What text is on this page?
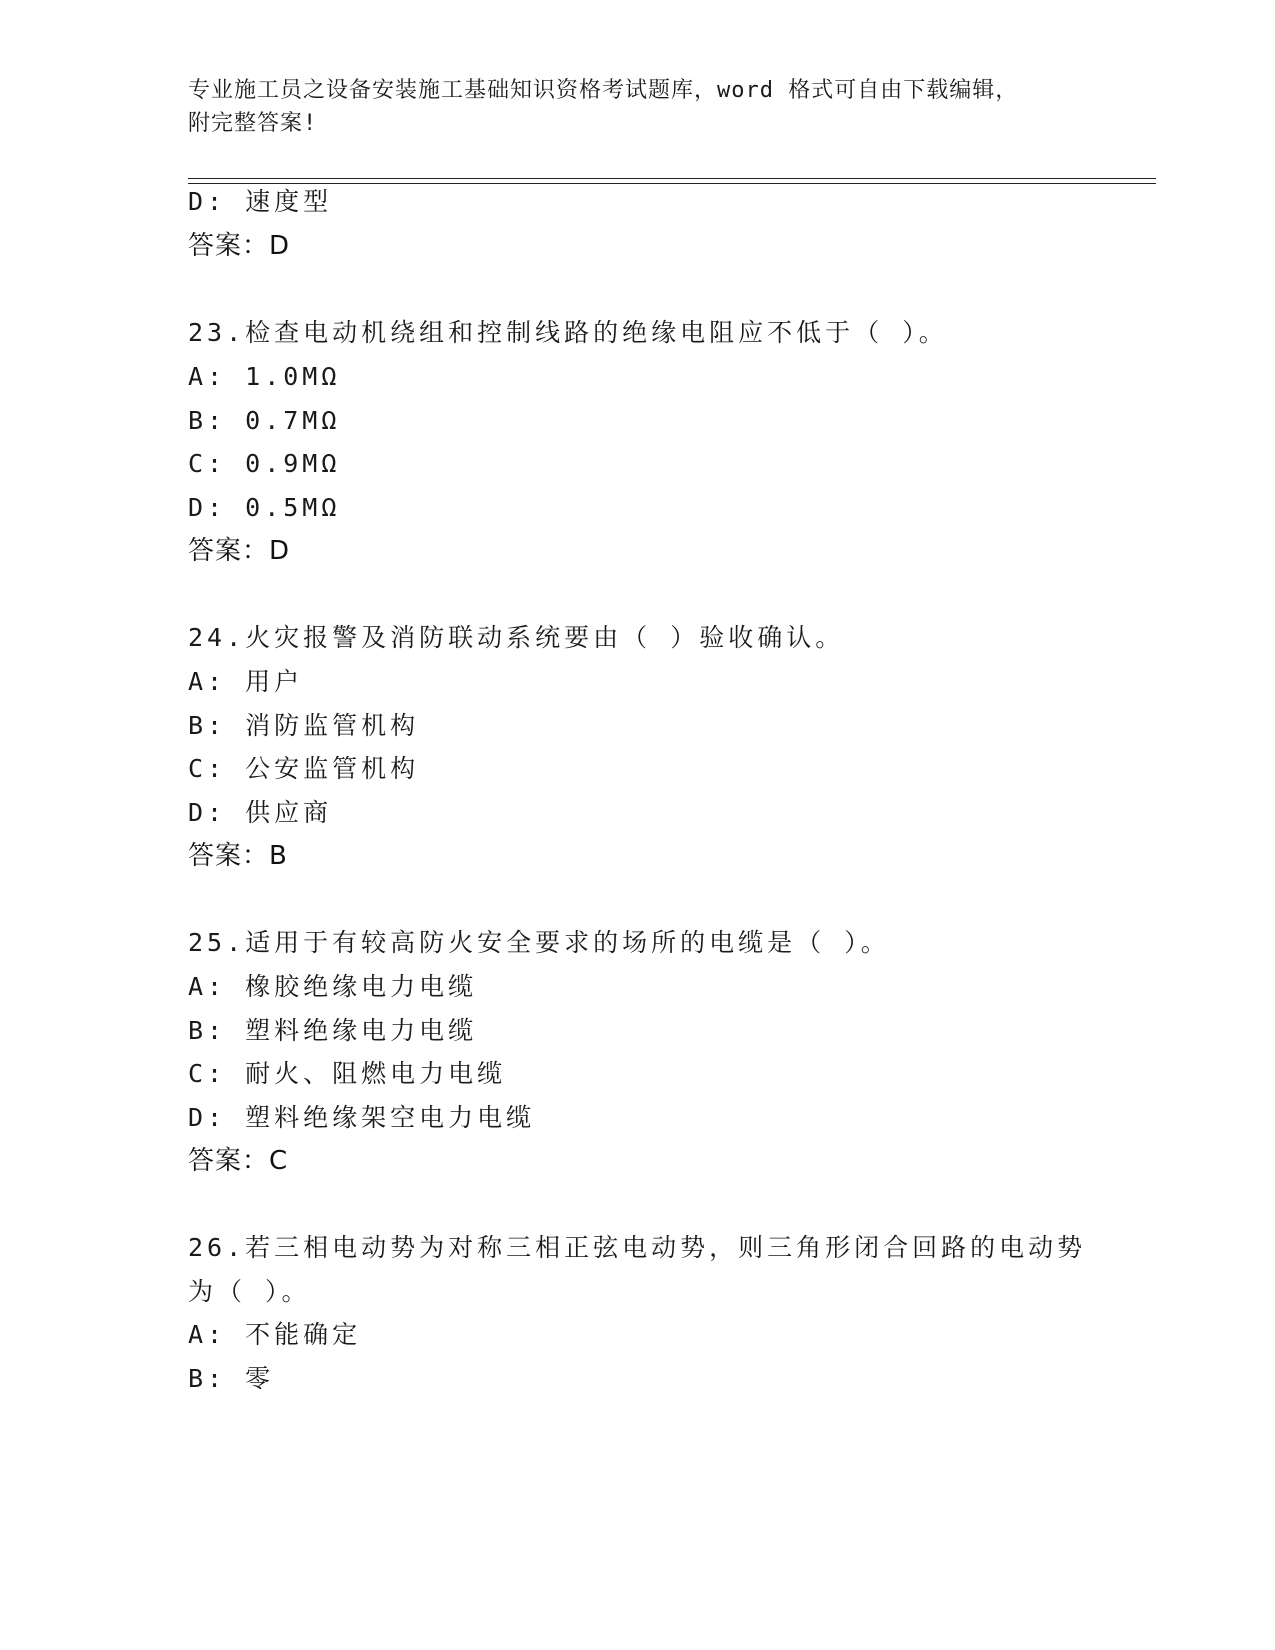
专业施工员之设备安装施工基础知识资格考试题库，word 格式可自由下载编辑，
附完整答案!
D: 速度型
答案：D
23.检查电动机绕组和控制线路的绝缘电阻应不低于（ ）。
A: 1.0MΩ
B: 0.7MΩ
C: 0.9MΩ
D: 0.5MΩ
答案：D
24.火灾报警及消防联动系统要由（ ）验收确认。
A: 用户
B: 消防监管机构
C: 公安监管机构
D: 供应商
答案：B
25.适用于有较高防火安全要求的场所的电缆是（ ）。
A: 橡胶绝缘电力电缆
B: 塑料绝缘电力电缆
C: 耐火、阻燃电力电缆
D: 塑料绝缘架空电力电缆
答案：C
26.若三相电动势为对称三相正弦电动势，则三角形闭合回路的电动势
为（ ）。
A: 不能确定
B: 零
